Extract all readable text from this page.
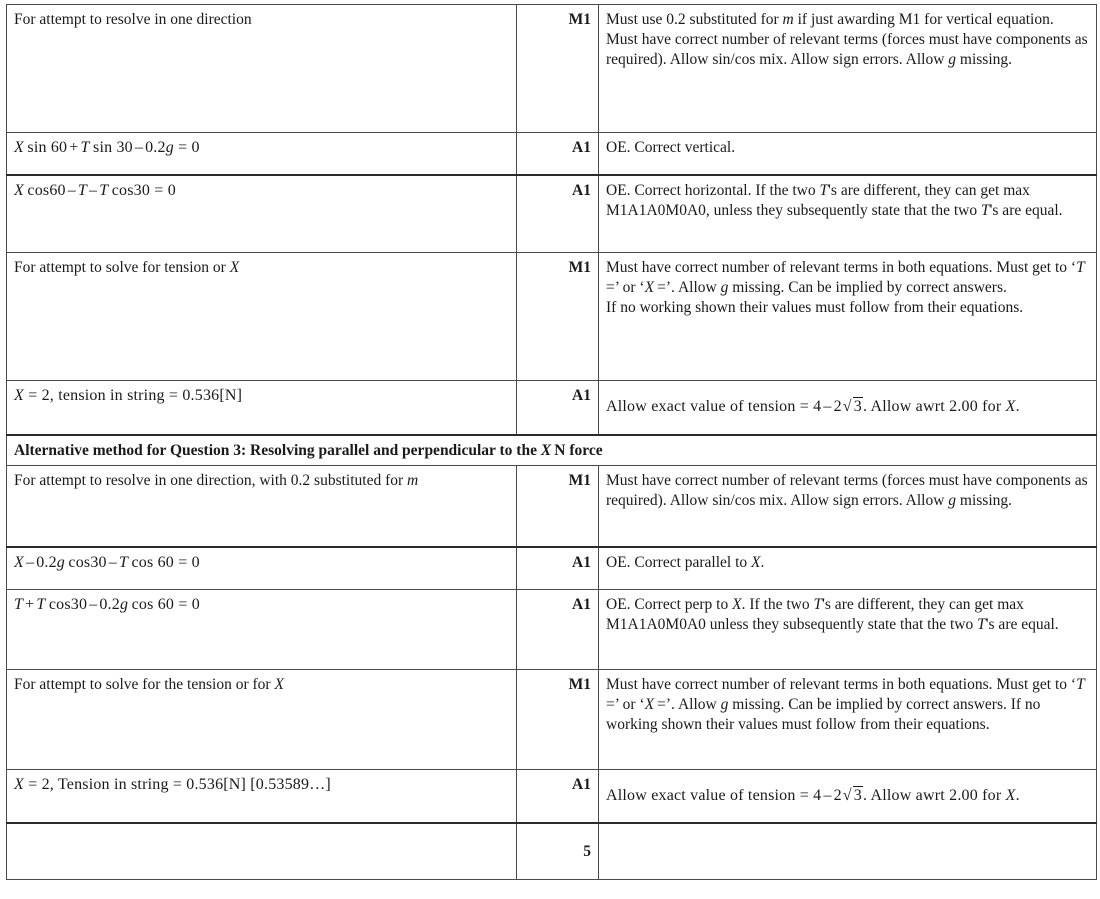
For attempt to resolve in one direction	M1	Must use 0.2 substituted for m if just awarding M1 for vertical equation.
Must have correct number of relevant terms (forces must have components as required). Allow sin/cos mix. Allow sign errors. Allow g missing.

X  sin 60 + T  sin 30 – 0.2g = 0	A1	OE. Correct vertical.

X  cos60 – T – T  cos30 = 0	A1	OE. Correct horizontal. If the two T's are different, they can get max M1A1A0M0A0, unless they subsequently state that the two T's are equal.

For attempt to solve for tension or X	M1	Must have correct number of relevant terms in both equations. Must get to ‘T =’ or ‘X  =’. Allow g missing. Can be implied by correct answers.
If no working shown their values must follow from their equations.

X = 2, tension in string = 0.536[N]	A1	Allow exact value of tension = 4 – 2√ 3. Allow awrt 2.00 for X.

Alternative method for Question 3: Resolving parallel and perpendicular to the X  N force		
For attempt to resolve in one direction, with 0.2 substituted for m	M1	Must have correct number of relevant terms (forces must have components as required). Allow sin/cos mix. Allow sign errors. Allow g missing.

X – 0.2g  cos30 – T  cos 60 = 0	A1	OE. Correct parallel to X.

T + T  cos30 – 0.2g  cos 60 = 0	A1	OE. Correct perp to X. If the two T's are different, they can get max M1A1A0M0A0 unless they subsequently state that the two T's are equal.

For attempt to solve for the tension or for X	M1	Must have correct number of relevant terms in both equations. Must get to ‘T =’ or ‘X  =’. Allow g missing. Can be implied by correct answers. If no working shown their values must follow from their equations.

X = 2, Tension in string = 0.536[N] [0.53589…]	A1	Allow exact value of tension = 4 – 2√ 3. Allow awrt 2.00 for X.

	5	
